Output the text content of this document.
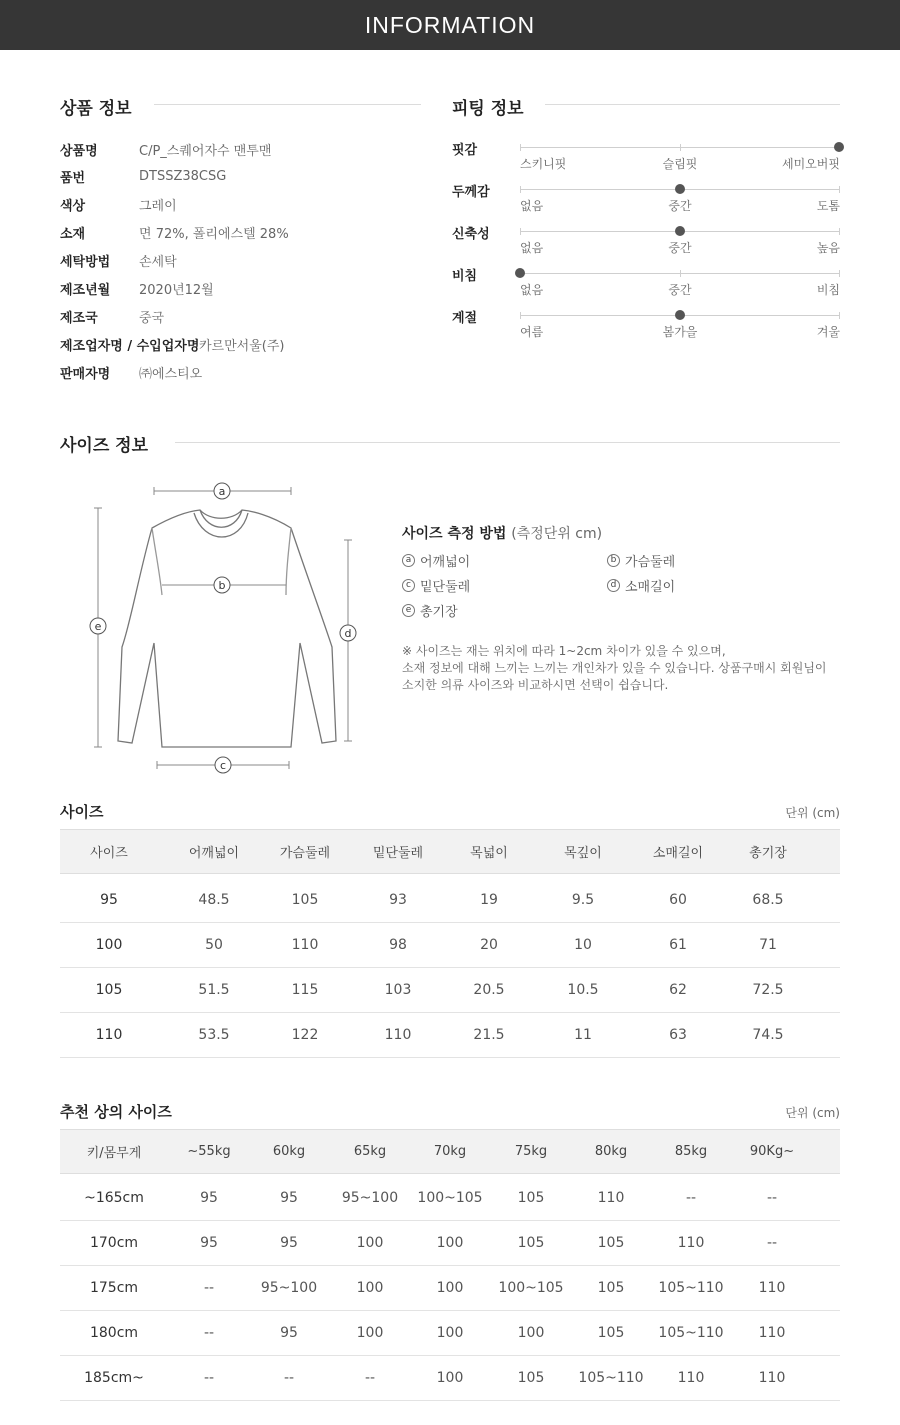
INFORMATION
상품 정보
상품명	C/P_스퀘어자수 맨투맨
품번	DTSSZ38CSG
색상	그레이
소재	면 72%, 폴리에스텔 28%
세탁방법	손세탁
제조년월	2020년12월
제조국	중국
제조업자명 / 수입업자명 카르만서울(주)
판매자명	㈜에스티오
피팅 정보
핏감
스키니핏	슬림핏	세미오버핏
두께감
없음	중간	도톰
신축성
없음	중간	높음
비침
없음	중간	비침
계절
여름	봄가을	겨울
사이즈 정보
a
b
c
d
e
사이즈 측정 방법 (측정단위 cm)
a 어깨넓이	b 가슴둘레
c 밑단둘레	d 소매길이
e 총기장
※ 사이즈는 재는 위치에 따라 1~2cm 차이가 있을 수 있으며,
소재 정보에 대해 느끼는 느끼는 개인차가 있을 수 있습니다. 상품구매시 회원님이
소지한 의류 사이즈와 비교하시면 선택이 쉽습니다.
사이즈	단위 (cm)
사이즈	어깨넓이	가슴둘레	밑단둘레	목넓이	목깊이	소매길이	총기장
95	48.5	105	93	19	9.5	60	68.5
100	50	110	98	20	10	61	71
105	51.5	115	103	20.5	10.5	62	72.5
110	53.5	122	110	21.5	11	63	74.5
추천 상의 사이즈	단위 (cm)
키/몸무게	~55kg	60kg	65kg	70kg	75kg	80kg	85kg	90Kg~
~165cm	95	95	95~100	100~105	105	110	--	--
170cm	95	95	100	100	105	105	110	--
175cm	--	95~100	100	100	100~105	105	105~110	110
180cm	--	95	100	100	100	105	105~110	110
185cm~	--	--	--	100	105	105~110	110	110
